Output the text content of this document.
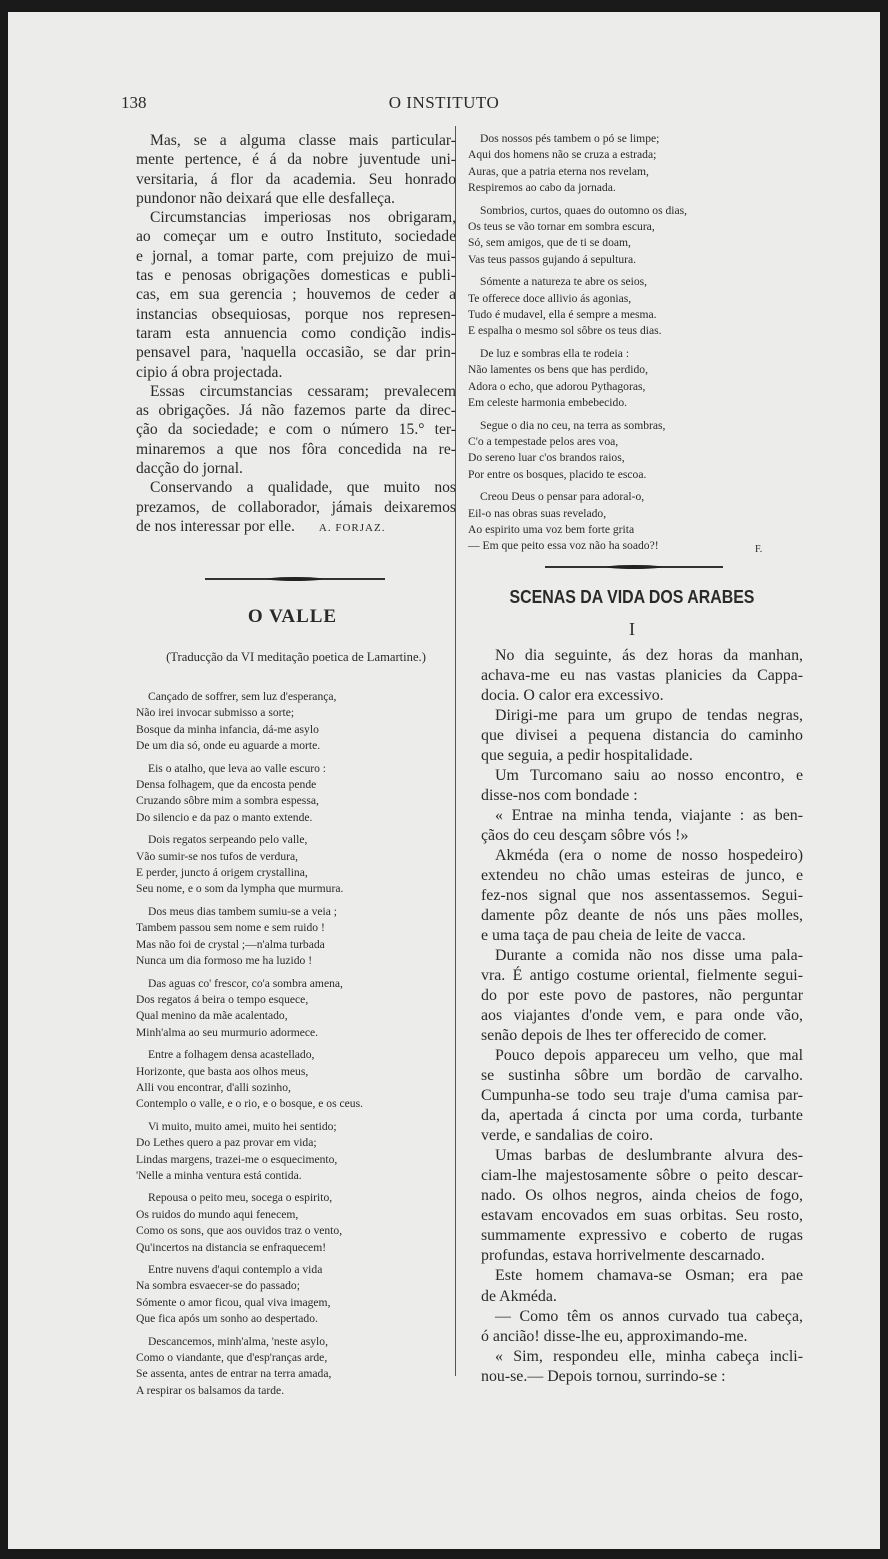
138	O INSTITUTO
Mas, se a alguma classe mais particular-
mente pertence, é á da nobre juventude uni-
versitaria, á flor da academia. Seu honrado
pundonor não deixará que elle desfalleça.
Circumstancias imperiosas nos obrigaram,
ao começar um e outro Instituto, sociedade
e jornal, a tomar parte, com prejuizo de mui-
tas e penosas obrigações domesticas e publi-
cas, em sua gerencia ; houvemos de ceder a
instancias obsequiosas, porque nos represen-
taram esta annuencia como condição indis-
pensavel para, 'naquella occasião, se dar prin-
cipio á obra projectada.
Essas circumstancias cessaram; prevalecem
as obrigações. Já não fazemos parte da direc-
ção da sociedade; e com o número 15.° ter-
minaremos a que nos fôra concedida na re-
dacção do jornal.
Conservando a qualidade, que muito nos
prezamos, de collaborador, jámais deixaremos
de nos interessar por elle. A. FORJAZ.
O VALLE
(Traducção da VI meditação poetica de Lamartine.)
Cançado de soffrer, sem luz d'esperança,
Não irei invocar submisso a sorte;
Bosque da minha infancia, dá-me asylo
De um dia só, onde eu aguarde a morte.
Eis o atalho, que leva ao valle escuro :
Densa folhagem, que da encosta pende
Cruzando sôbre mim a sombra espessa,
Do silencio e da paz o manto extende.
Dois regatos serpeando pelo valle,
Vão sumir-se nos tufos de verdura,
E perder, juncto á origem crystallina,
Seu nome, e o som da lympha que murmura.
Dos meus dias tambem sumiu-se a veia ;
Tambem passou sem nome e sem ruido !
Mas não foi de crystal ;—n'alma turbada
Nunca um dia formoso me ha luzido !
Das aguas co' frescor, co'a sombra amena,
Dos regatos á beira o tempo esquece,
Qual menino da mãe acalentado,
Minh'alma ao seu murmurio adormece.
Entre a folhagem densa acastellado,
Horizonte, que basta aos olhos meus,
Alli vou encontrar, d'alli sozinho,
Contemplo o valle, e o rio, e o bosque, e os ceus.
Vi muito, muito amei, muito hei sentido;
Do Lethes quero a paz provar em vida;
Lindas margens, trazei-me o esquecimento,
'Nelle a minha ventura está contida.
Repousa o peito meu, socega o espirito,
Os ruidos do mundo aqui fenecem,
Como os sons, que aos ouvidos traz o vento,
Qu'incertos na distancia se enfraquecem!
Entre nuvens d'aqui contemplo a vida
Na sombra esvaecer-se do passado;
Sómente o amor ficou, qual viva imagem,
Que fica após um sonho ao despertado.
Descancemos, minh'alma, 'neste asylo,
Como o viandante, que d'esp'ranças arde,
Se assenta, antes de entrar na terra amada,
A respirar os balsamos da tarde.
Dos nossos pés tambem o pó se limpe;
Aqui dos homens não se cruza a estrada;
Auras, que a patria eterna nos revelam,
Respiremos ao cabo da jornada.
Sombrios, curtos, quaes do outomno os dias,
Os teus se vão tornar em sombra escura,
Só, sem amigos, que de ti se doam,
Vas teus passos gujando á sepultura.
Sómente a natureza te abre os seios,
Te offerece doce allivio ás agonias,
Tudo é mudavel, ella é sempre a mesma.
E espalha o mesmo sol sôbre os teus dias.
De luz e sombras ella te rodeia :
Não lamentes os bens que has perdido,
Adora o echo, que adorou Pythagoras,
Em celeste harmonia embebecido.
Segue o dia no ceu, na terra as sombras,
C'o a tempestade pelos ares voa,
Do sereno luar c'os brandos raios,
Por entre os bosques, placido te escoa.
Creou Deus o pensar para adoral-o,
Eil-o nas obras suas revelado,
Ao espirito uma voz bem forte grita
— Em que peito essa voz não ha soado?!	F.
SCENAS DA VIDA DOS ARABES
I
No dia seguinte, ás dez horas da manhan,
achava-me eu nas vastas planicies da Cappa-
docia. O calor era excessivo.
Dirigi-me para um grupo de tendas negras,
que divisei a pequena distancia do caminho
que seguia, a pedir hospitalidade.
Um Turcomano saiu ao nosso encontro, e
disse-nos com bondade :
« Entrae na minha tenda, viajante : as ben-
çãos do ceu desçam sôbre vós !»
Akméda (era o nome de nosso hospedeiro)
extendeu no chão umas esteiras de junco, e
fez-nos signal que nos assentassemos. Segui-
damente pôz deante de nós uns pães molles,
e uma taça de pau cheia de leite de vacca.
Durante a comida não nos disse uma pala-
vra. É antigo costume oriental, fielmente segui-
do por este povo de pastores, não perguntar
aos viajantes d'onde vem, e para onde vão,
senão depois de lhes ter offerecido de comer.
Pouco depois appareceu um velho, que mal
se sustinha sôbre um bordão de carvalho.
Cumpunha-se todo seu traje d'uma camisa par-
da, apertada á cincta por uma corda, turbante
verde, e sandalias de coiro.
Umas barbas de deslumbrante alvura des-
ciam-lhe majestosamente sôbre o peito descar-
nado. Os olhos negros, ainda cheios de fogo,
estavam encovados em suas orbitas. Seu rosto,
summamente expressivo e coberto de rugas
profundas, estava horrivelmente descarnado.
Este homem chamava-se Osman; era pae
de Akméda.
— Como têm os annos curvado tua cabeça,
ó ancião! disse-lhe eu, approximando-me.
« Sim, respondeu elle, minha cabeça incli-
nou-se.— Depois tornou, surrindo-se :
